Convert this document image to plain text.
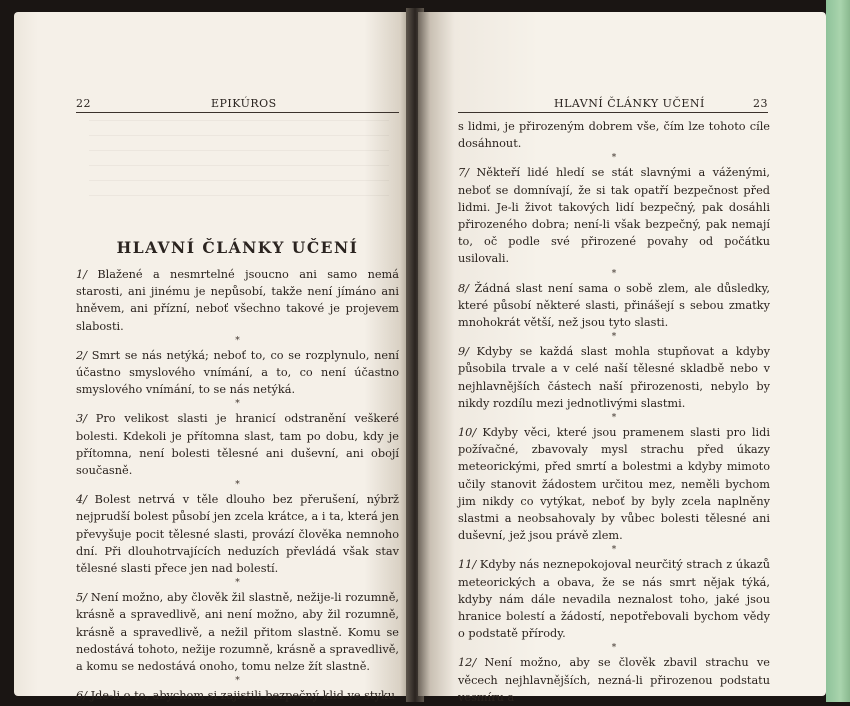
22	EPIKÚROS
HLAVNÍ ČLÁNKY UČENÍ

1/ Blažené a nesmrtelné jsoucno ani samo nemá starosti, ani jinému je nepůsobí, takže není jímáno ani hněvem, ani přízní, neboť všechno takové je projevem slabosti.

*

2/ Smrt se nás netýká; neboť to, co se rozplynulo, není účastno smyslového vnímání, a to, co není účastno smyslového vnímání, to se nás netýká.

*

3/ Pro velikost slasti je hranicí odstranění veškeré bolesti. Kdekoli je přítomna slast, tam po dobu, kdy je přítomna, není bolesti tělesné ani duševní, ani obojí současně.

*

4/ Bolest netrvá v těle dlouho bez přerušení, nýbrž nejprudší bolest působí jen zcela krátce, a i ta, která jen převyšuje pocit tělesné slasti, provází člověka nemnoho dní. Při dlouhotrvajících neduzích převládá však stav tělesné slasti přece jen nad bolestí.

*

5/ Není možno, aby člověk žil slastně, nežije-li rozumně, krásně a spravedlivě, ani není možno, aby žil rozumně, krásně a spravedlivě, a nežil přitom slastně. Komu se nedostává tohoto, nežije rozumně, krásně a spravedlivě, a komu se nedostává onoho, tomu nelze žít slastně.

*

6/ Jde-li o to, abychom si zajistili bezpečný klid ve styku

HLAVNÍ ČLÁNKY UČENÍ	23

s lidmi, je přirozeným dobrem vše, čím lze tohoto cíle dosáhnout.

*

7/ Někteří lidé hledí se stát slavnými a váženými, neboť se domnívají, že si tak opatří bezpečnost před lidmi. Je-li život takových lidí bezpečný, pak dosáhli přirozeného dobra; není-li však bezpečný, pak nemají to, oč podle své přirozené povahy od počátku usilovali.

*

8/ Žádná slast není sama o sobě zlem, ale důsledky, které působí některé slasti, přinášejí s sebou zmatky mnohokrát větší, než jsou tyto slasti.

*

9/ Kdyby se každá slast mohla stupňovat a kdyby působila trvale a v celé naší tělesné skladbě nebo v nejhlavnějších částech naší přirozenosti, nebylo by nikdy rozdílu mezi jednotlivými slastmi.

*

10/ Kdyby věci, které jsou pramenem slasti pro lidi požívačné, zbavovaly mysl strachu před úkazy meteorickými, před smrtí a bolestmi a kdyby mimoto učily stanovit žádostem určitou mez, neměli bychom jim nikdy co vytýkat, neboť by byly zcela naplněny slastmi a neobsahovaly by vůbec bolesti tělesné ani duševní, jež jsou právě zlem.

*

11/ Kdyby nás neznepokojoval neurčitý strach z úkazů meteorických a obava, že se nás smrt nějak týká, kdyby nám dále nevadila neznalost toho, jaké jsou hranice bolestí a žádostí, nepotřebovali bychom vědy o podstatě přírody.

*

12/ Není možno, aby se člověk zbavil strachu ve věcech nejhlavnějších, nezná-li přirozenou podstatu vesmíru a
